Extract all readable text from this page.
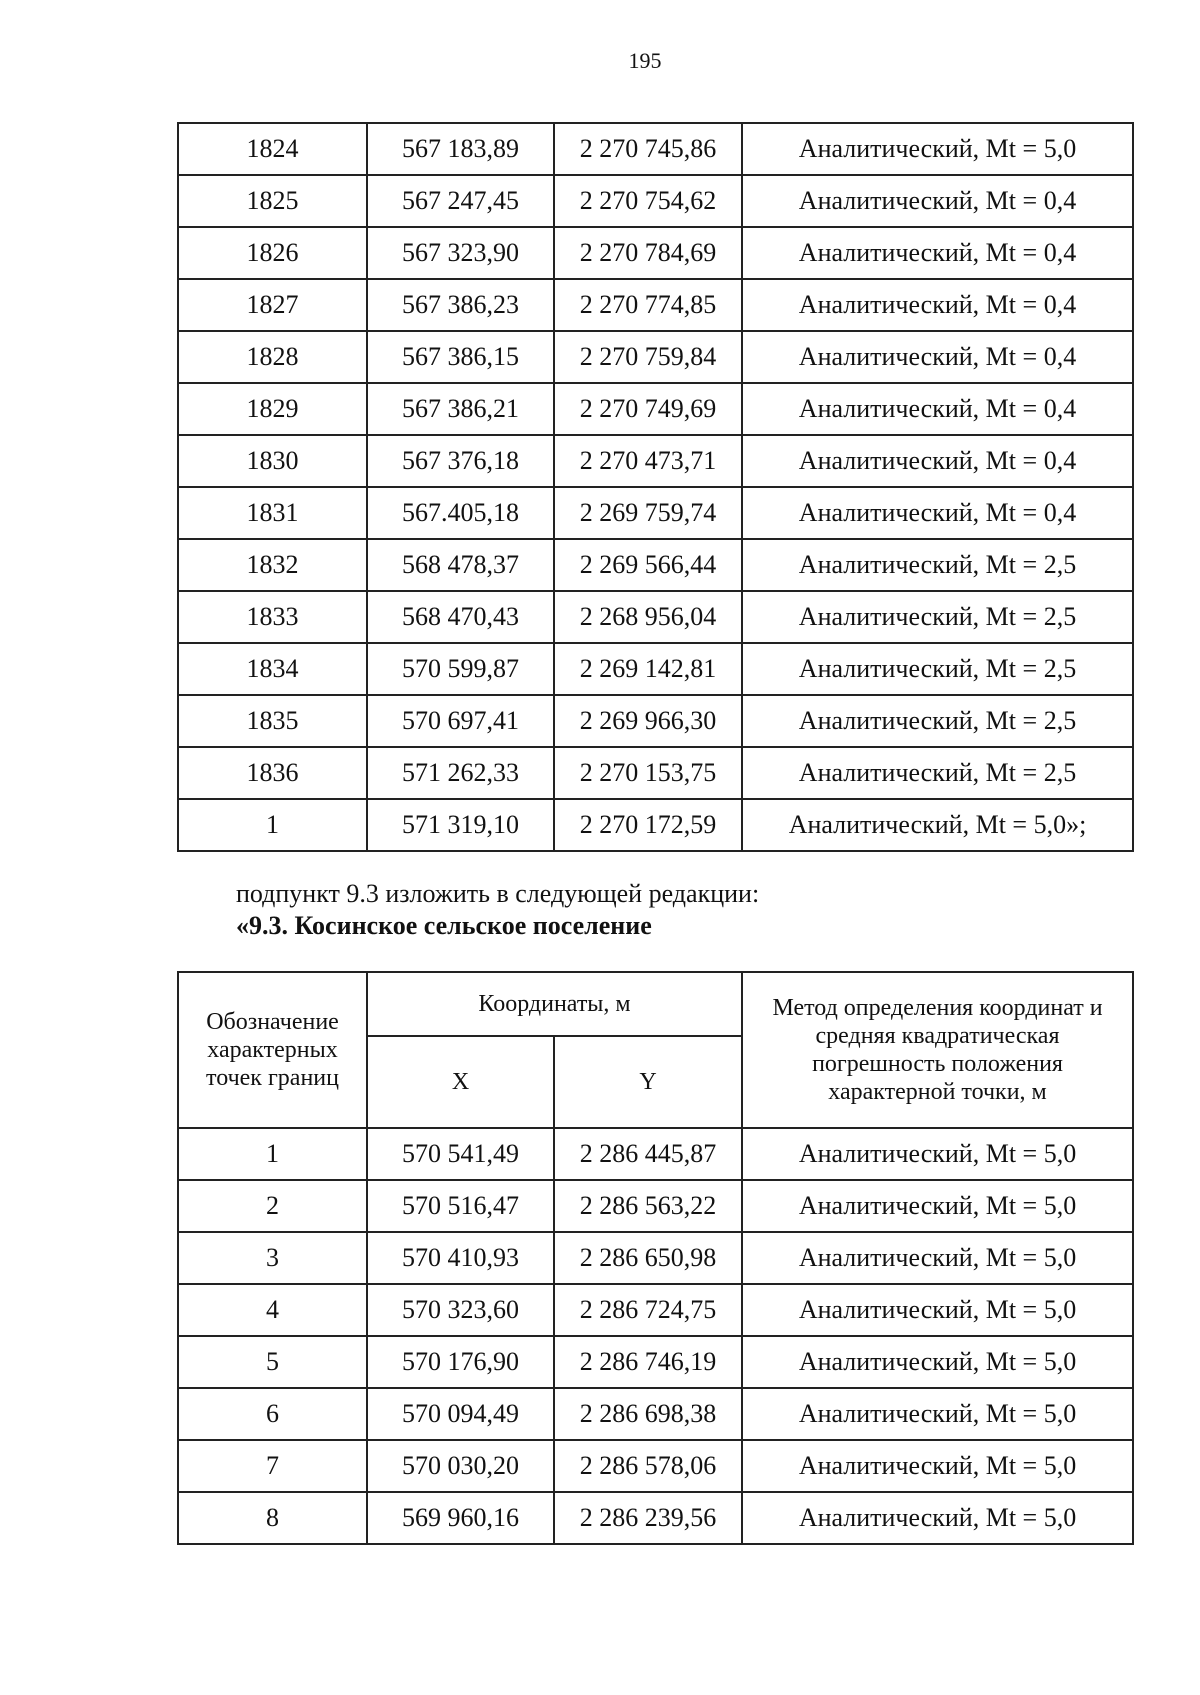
195
1824	567 183,89	2 270 745,86	Аналитический, Mt = 5,0
1825	567 247,45	2 270 754,62	Аналитический, Mt = 0,4
1826	567 323,90	2 270 784,69	Аналитический, Mt = 0,4
1827	567 386,23	2 270 774,85	Аналитический, Mt = 0,4
1828	567 386,15	2 270 759,84	Аналитический, Mt = 0,4
1829	567 386,21	2 270 749,69	Аналитический, Mt = 0,4
1830	567 376,18	2 270 473,71	Аналитический, Mt = 0,4
1831	567.405,18	2 269 759,74	Аналитический, Mt = 0,4
1832	568 478,37	2 269 566,44	Аналитический, Mt = 2,5
1833	568 470,43	2 268 956,04	Аналитический, Mt = 2,5
1834	570 599,87	2 269 142,81	Аналитический, Mt = 2,5
1835	570 697,41	2 269 966,30	Аналитический, Mt = 2,5
1836	571 262,33	2 270 153,75	Аналитический, Mt = 2,5
1	571 319,10	2 270 172,59	Аналитический, Mt = 5,0»;
подпункт 9.3 изложить в следующей редакции:
«9.3. Косинское сельское поселение
Обозначение характерных точек границ	Координаты, м		Метод определения координат и средняя квадратическая погрешность положения характерной точки, м
	X	Y	
1	570 541,49	2 286 445,87	Аналитический, Mt = 5,0
2	570 516,47	2 286 563,22	Аналитический, Mt = 5,0
3	570 410,93	2 286 650,98	Аналитический, Mt = 5,0
4	570 323,60	2 286 724,75	Аналитический, Mt = 5,0
5	570 176,90	2 286 746,19	Аналитический, Mt = 5,0
6	570 094,49	2 286 698,38	Аналитический, Mt = 5,0
7	570 030,20	2 286 578,06	Аналитический, Mt = 5,0
8	569 960,16	2 286 239,56	Аналитический, Mt = 5,0
